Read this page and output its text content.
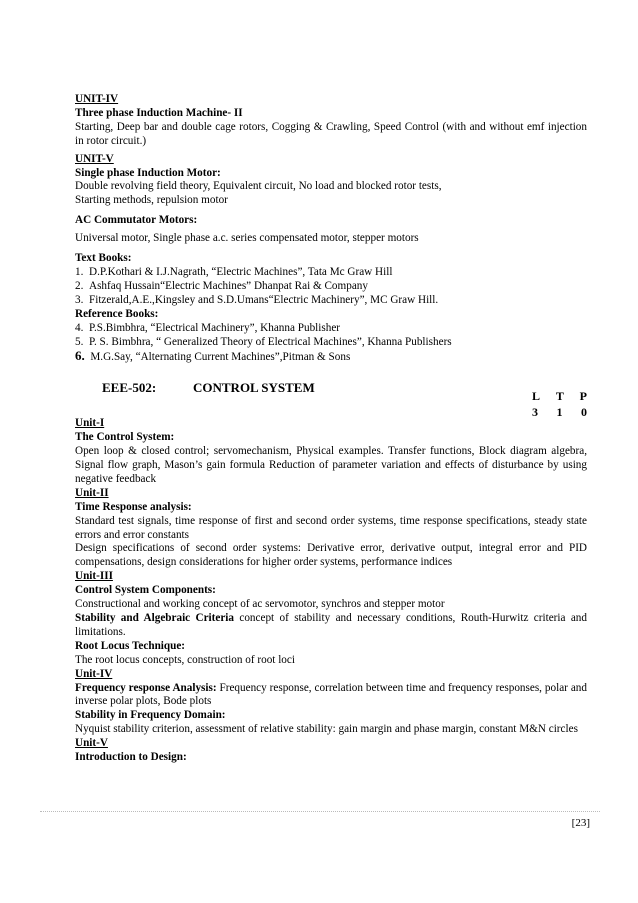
UNIT-IV
Three phase Induction Machine- II
Starting, Deep bar and double cage rotors, Cogging & Crawling, Speed Control (with and without emf injection in rotor circuit.)
UNIT-V
Single phase Induction Motor:
Double revolving field theory, Equivalent circuit, No load and blocked rotor tests,
Starting methods, repulsion motor
AC Commutator Motors:
Universal motor, Single phase a.c. series compensated motor, stepper motors
Text Books:
1. D.P.Kothari & I.J.Nagrath, “Electric Machines”, Tata Mc Graw Hill
2. Ashfaq Hussain“Electric Machines” Dhanpat Rai & Company
3. Fitzerald,A.E.,Kingsley and S.D.Umans“Electric Machinery”, MC Graw Hill.
Reference Books:
4. P.S.Bimbhra, “Electrical Machinery”, Khanna Publisher
5. P. S. Bimbhra, “ Generalized Theory of Electrical Machines”, Khanna Publishers
6. M.G.Say, “Alternating Current Machines”,Pitman & Sons
EEE-502:	CONTROL SYSTEM
L T P
3 1 0
Unit-I
The Control System:
Open loop & closed control; servomechanism, Physical examples. Transfer functions, Block diagram algebra, Signal flow graph, Mason’s gain formula Reduction of parameter variation and effects of disturbance by using negative feedback
Unit-II
Time Response analysis:
Standard test signals, time response of first and second order systems, time response specifications, steady state errors and error constants
Design specifications of second order systems: Derivative error, derivative output, integral error and PID compensations, design considerations for higher order systems, performance indices
Unit-III
Control System Components:
Constructional and working concept of ac servomotor, synchros and stepper motor
Stability and Algebraic Criteria concept of stability and necessary conditions, Routh-Hurwitz criteria and limitations.
Root Locus Technique:
The root locus concepts, construction of root loci
Unit-IV
Frequency response Analysis: Frequency response, correlation between time and frequency responses, polar and inverse polar plots, Bode plots
Stability in Frequency Domain:
Nyquist stability criterion, assessment of relative stability: gain margin and phase margin, constant M&N circles
Unit-V
Introduction to Design:
[23]
